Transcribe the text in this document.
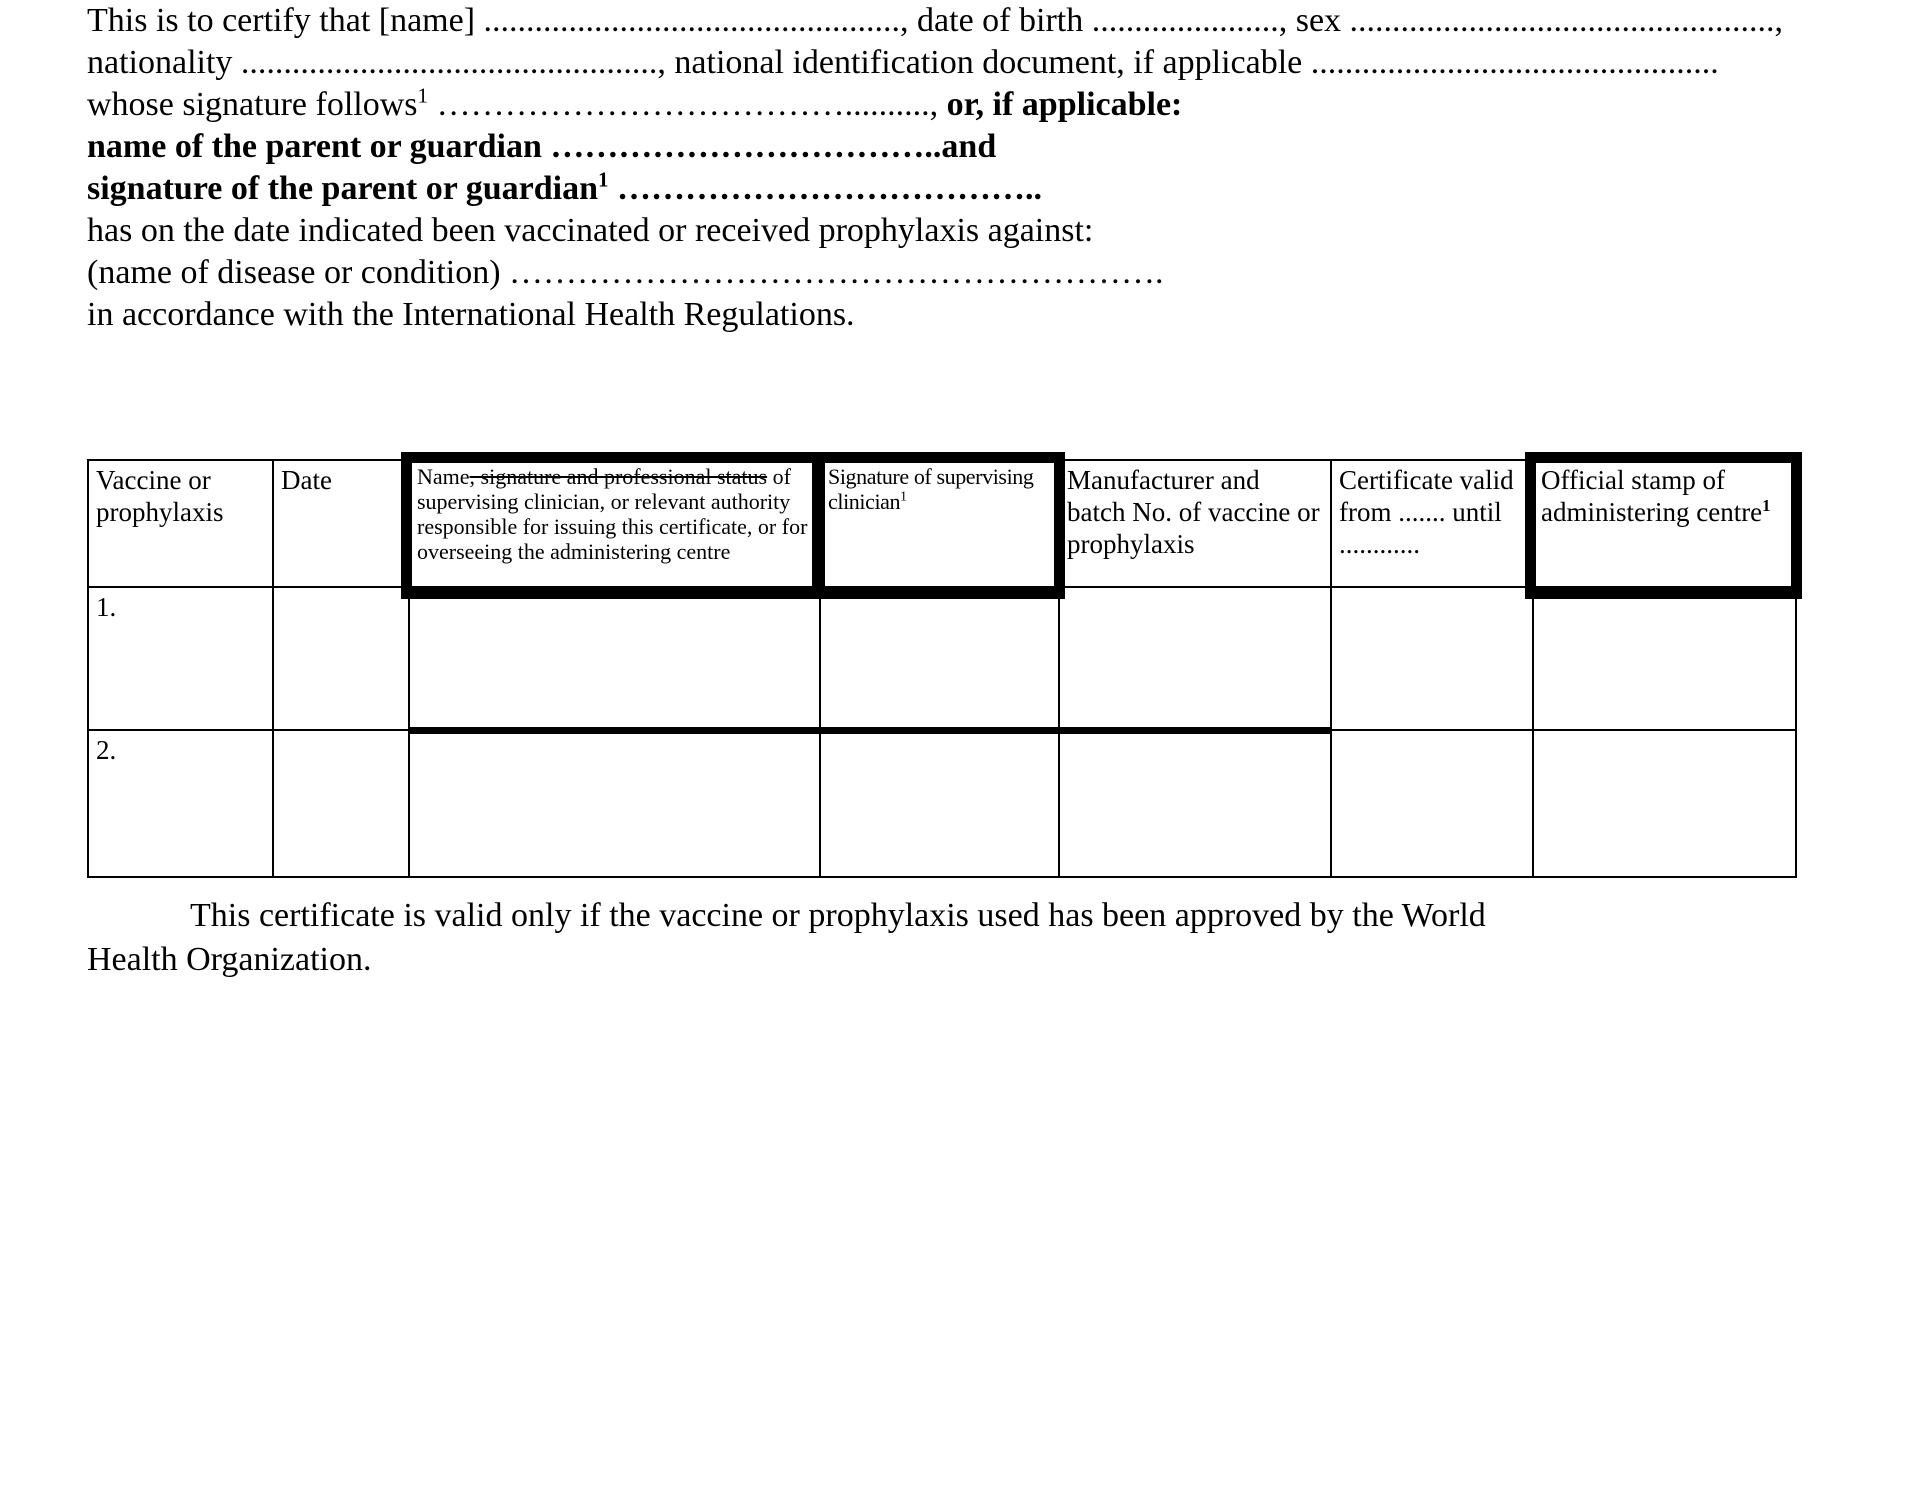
This is to certify that [name] ................................................., date of birth ......................, sex ..................................................,

nationality ................................................., national identification document, if applicable ................................................

whose signature follows$^1$ ……………………………….........., or, if applicable:

name of the parent or guardian ……………………………..and

signature of the parent or guardian$^1$ ………………………………..

has on the date indicated been vaccinated or received prophylaxis against:

(name of disease or condition) ………………………………………………….

in accordance with the International Health Regulations.

Vaccine or prophylaxis	Date	Name, signature and professional status of supervising clinician, or relevant authority responsible for issuing this certificate, or for overseeing the administering centre	Signature of supervising clinician$^1$	Manufacturer and batch No. of vaccine or prophylaxis	Certificate valid from ....... until ............	Official stamp of administering centre$^1$
1.						
2.						
This certificate is valid only if the vaccine or prophylaxis used has been approved by the World
Health Organization.
